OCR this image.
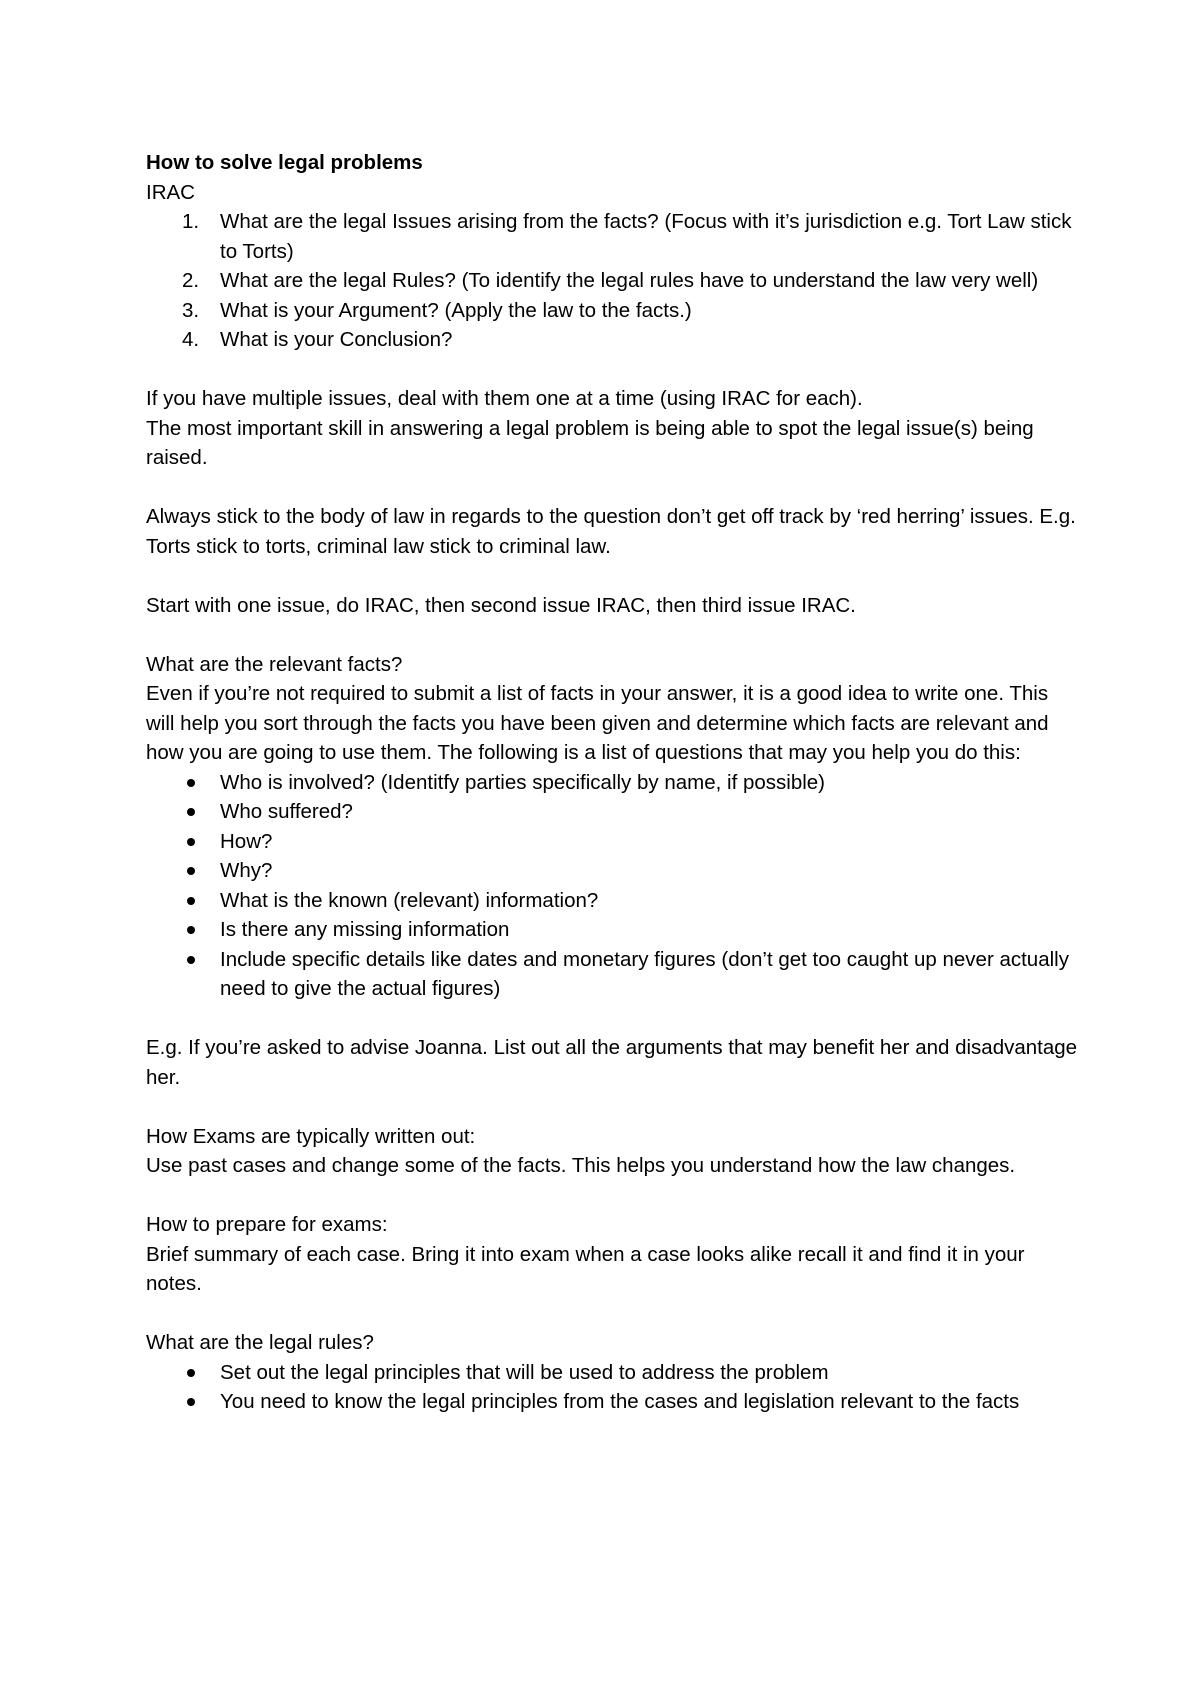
How to solve legal problems

IRAC

What are the legal Issues arising from the facts? (Focus with it’s jurisdiction e.g. Tort Law stick to Torts)
What are the legal Rules? (To identify the legal rules have to understand the law very well)
What is your Argument? (Apply the law to the facts.)
What is your Conclusion?

If you have multiple issues, deal with them one at a time (using IRAC for each).

The most important skill in answering a legal problem is being able to spot the legal issue(s) being raised.

Always stick to the body of law in regards to the question don’t get off track by ‘red herring’ issues. E.g. Torts stick to torts, criminal law stick to criminal law.

Start with one issue, do IRAC, then second issue IRAC, then third issue IRAC.

What are the relevant facts?

Even if you’re not required to submit a list of facts in your answer, it is a good idea to write one. This will help you sort through the facts you have been given and determine which facts are relevant and how you are going to use them. The following is a list of questions that may you help you do this:

Who is involved? (Identitfy parties specifically by name, if possible)
Who suffered?
How?
Why?
What is the known (relevant) information?
Is there any missing information
Include specific details like dates and monetary figures (don’t get too caught up never actually need to give the actual figures)

E.g. If you’re asked to advise Joanna. List out all the arguments that may benefit her and disadvantage her.

How Exams are typically written out:

Use past cases and change some of the facts. This helps you understand how the law changes.

How to prepare for exams:

Brief summary of each case. Bring it into exam when a case looks alike recall it and find it in your notes.

What are the legal rules?

Set out the legal principles that will be used to address the problem
You need to know the legal principles from the cases and legislation relevant to the facts
